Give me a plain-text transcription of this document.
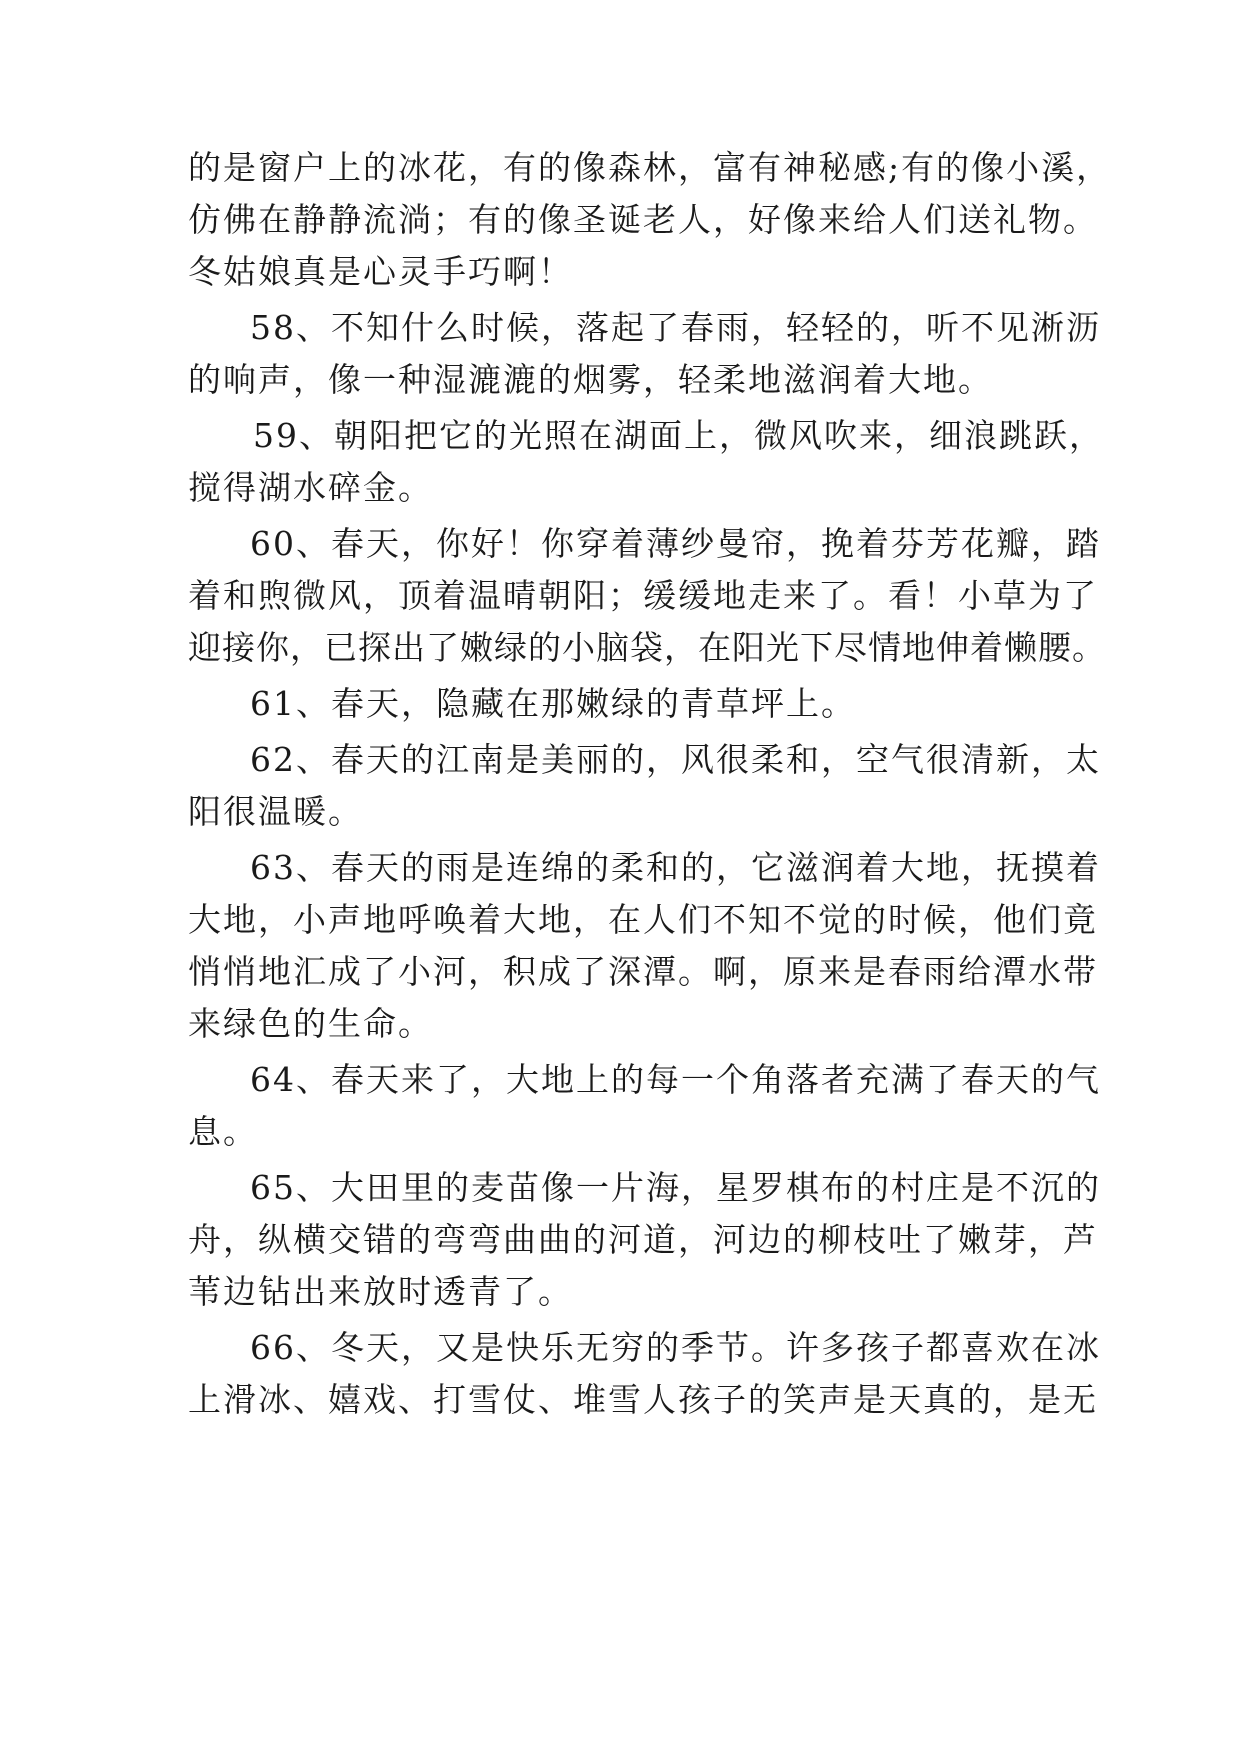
的是窗户上的冰花，有的像森林，富有神秘感;有的像小溪，
仿佛在静静流淌；有的像圣诞老人，好像来给人们送礼物。
冬姑娘真是心灵手巧啊！
58、不知什么时候，落起了春雨，轻轻的，听不见淅沥
的响声，像一种湿漉漉的烟雾，轻柔地滋润着大地。
59、朝阳把它的光照在湖面上，微风吹来，细浪跳跃，
搅得湖水碎金。
60、春天，你好！你穿着薄纱曼帘，挽着芬芳花瓣，踏
着和煦微风，顶着温晴朝阳；缓缓地走来了。看！小草为了
迎接你，已探出了嫩绿的小脑袋，在阳光下尽情地伸着懒腰。
61、春天，隐藏在那嫩绿的青草坪上。
62、春天的江南是美丽的，风很柔和，空气很清新，太
阳很温暖。
63、春天的雨是连绵的柔和的，它滋润着大地，抚摸着
大地，小声地呼唤着大地，在人们不知不觉的时候，他们竟
悄悄地汇成了小河，积成了深潭。啊，原来是春雨给潭水带
来绿色的生命。
64、春天来了，大地上的每一个角落者充满了春天的气
息。
65、大田里的麦苗像一片海，星罗棋布的村庄是不沉的
舟，纵横交错的弯弯曲曲的河道，河边的柳枝吐了嫩芽，芦
苇边钻出来放时透青了。
66、冬天，又是快乐无穷的季节。许多孩子都喜欢在冰
上滑冰、嬉戏、打雪仗、堆雪人孩子的笑声是天真的，是无
